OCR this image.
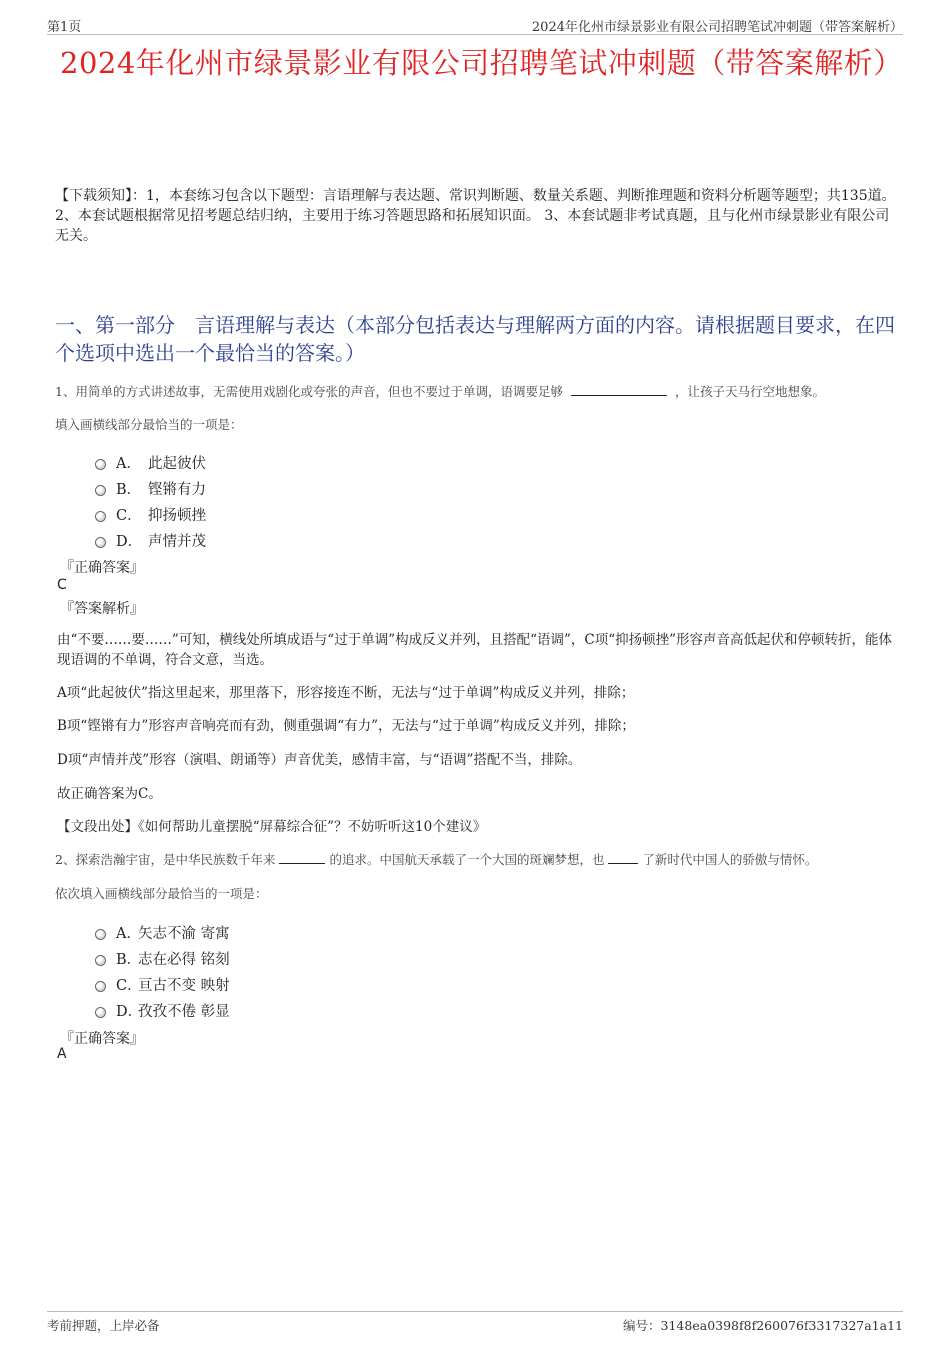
第1页	2024年化州市绿景影业有限公司招聘笔试冲刺题（带答案解析）
2024年化州市绿景影业有限公司招聘笔试冲刺题（带答案解析）
【下载须知】：1，本套练习包含以下题型：言语理解与表达题、常识判断题、数量关系题、判断推理题和资料分析题等题型；共135道。 2、本套试题根据常见招考题总结归纳，主要用于练习答题思路和拓展知识面。 3、本套试题非考试真题，且与化州市绿景影业有限公司无关。
一、第一部分　言语理解与表达（本部分包括表达与理解两方面的内容。请根据题目要求，在四个选项中选出一个最恰当的答案。）
1、用简单的方式讲述故事，无需使用戏剧化或夸张的声音，但也不要过于单调，语调要足够	，让孩子天马行空地想象。
填入画横线部分最恰当的一项是：
A． 此起彼伏
B． 铿锵有力
C． 抑扬顿挫
D． 声情并茂
『正确答案』
C
『答案解析』
由“不要……要……”可知，横线处所填成语与“过于单调”构成反义并列，且搭配“语调”，C项“抑扬顿挫”形容声音高低起伏和停顿转折，能体现语调的不单调，符合文意，当选。
A项“此起彼伏”指这里起来，那里落下，形容接连不断，无法与“过于单调”构成反义并列，排除；
B项“铿锵有力”形容声音响亮而有劲，侧重强调“有力”，无法与“过于单调”构成反义并列，排除；
D项“声情并茂”形容（演唱、朗诵等）声音优美，感情丰富，与“语调”搭配不当，排除。
故正确答案为C。
【文段出处】《如何帮助儿童摆脱“屏幕综合征”？不妨听听这10个建议》
2、探索浩瀚宇宙，是中华民族数千年来	的追求。中国航天承载了一个大国的斑斓梦想，也	了新时代中国人的骄傲与情怀。
依次填入画横线部分最恰当的一项是：
A．
矢志不渝 寄寓
B．
志在必得 铭刻
C．
亘古不变 映射
D．
孜孜不倦 彰显
『正确答案』
A
考前押题，上岸必备	编号：3148ea0398f8f260076f3317327a1a11
